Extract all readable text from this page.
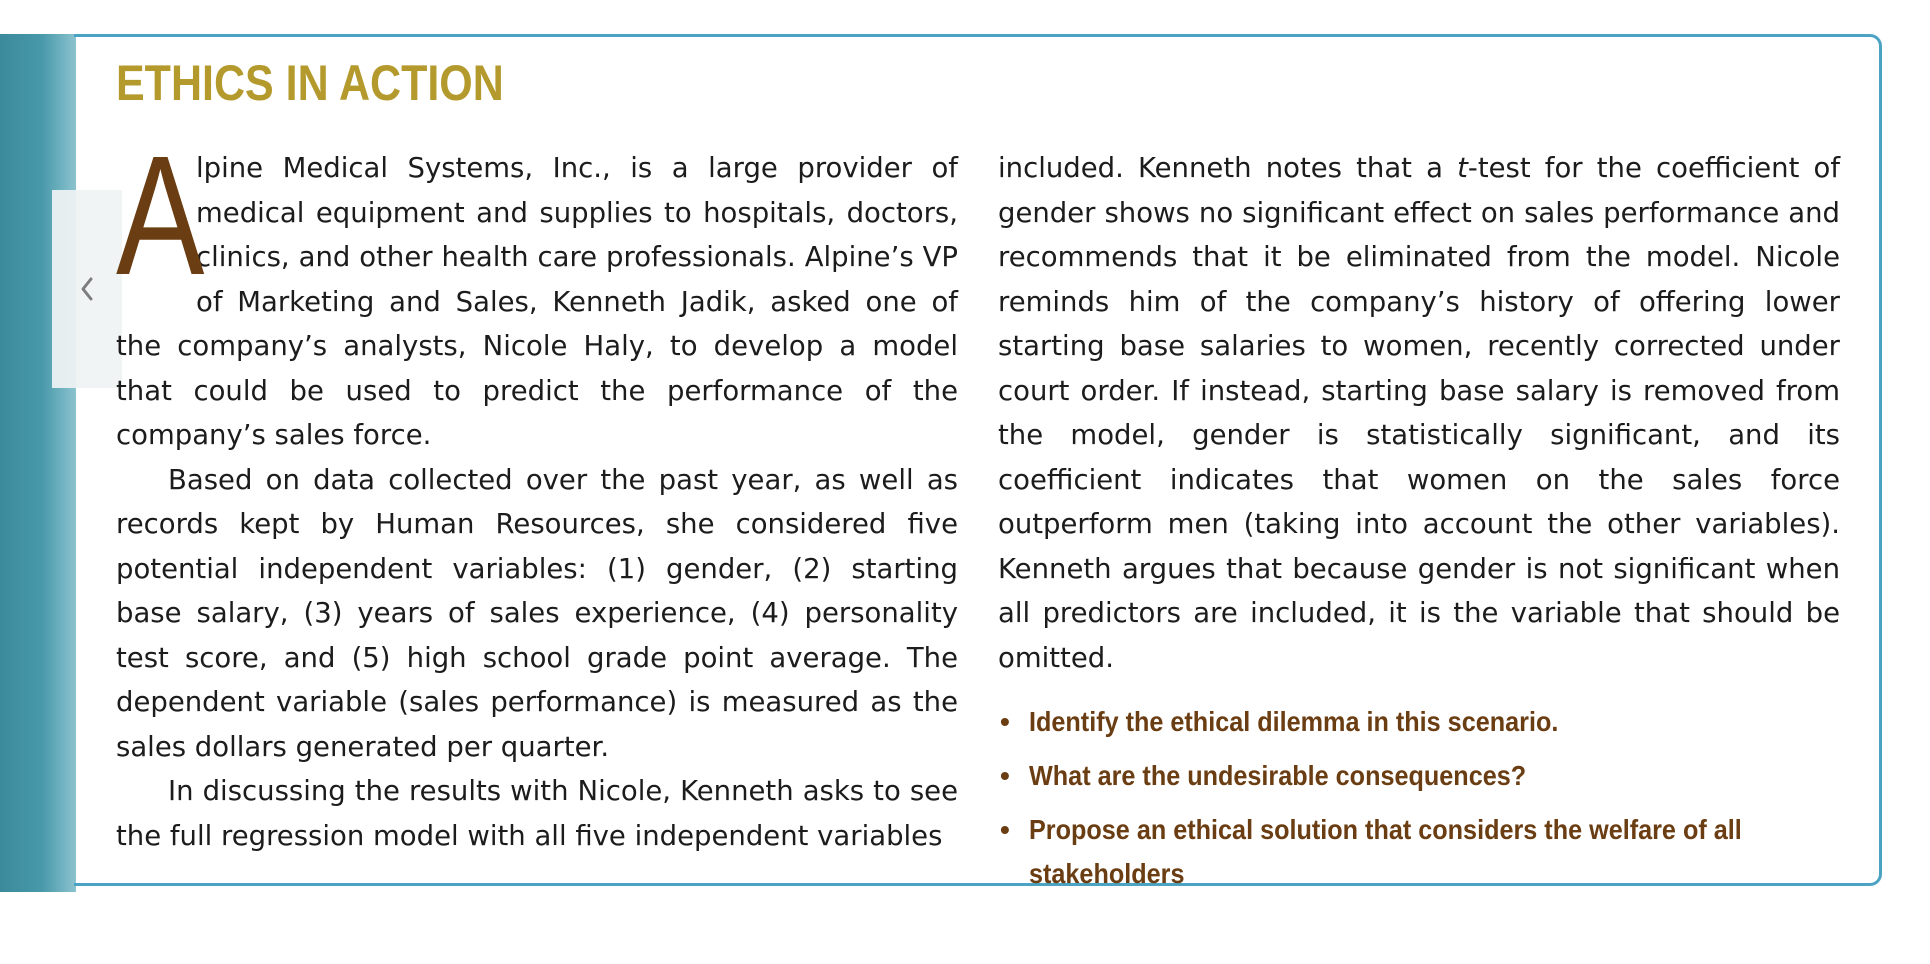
ETHICS IN ACTION

A
lpine Medical Systems, Inc., is a large provider of medical equipment and supplies to hospitals, doctors, clinics, and other health care professionals. Alpine’s VP of Marketing and Sales, Kenneth Jadik, asked one of the company’s analysts, Nicole Haly, to develop a model that could be used to predict the performance of the company’s sales force.

Based on data collected over the past year, as well as records kept by Human Resources, she considered five potential independent variables: (1) gender, (2) starting base salary, (3) years of sales experience, (4) personality test score, and (5) high school grade point average. The dependent variable (sales performance) is measured as the sales dollars generated per quarter.

In discussing the results with Nicole, Kenneth asks to see the full regression model with all five independent variables

included. Kenneth notes that a t-test for the coefficient of gender shows no significant effect on sales performance and recommends that it be eliminated from the model. Nicole reminds him of the company’s history of offering lower starting base salaries to women, recently corrected under court order. If instead, starting base salary is removed from the model, gender is statistically significant, and its coefficient indicates that women on the sales force outperform men (taking into account the other variables). Kenneth argues that because gender is not significant when all predictors are included, it is the variable that should be omitted.

• Identify the ethical dilemma in this scenario.
• What are the undesirable consequences?
• Propose an ethical solution that considers the welfare of all stakeholders
